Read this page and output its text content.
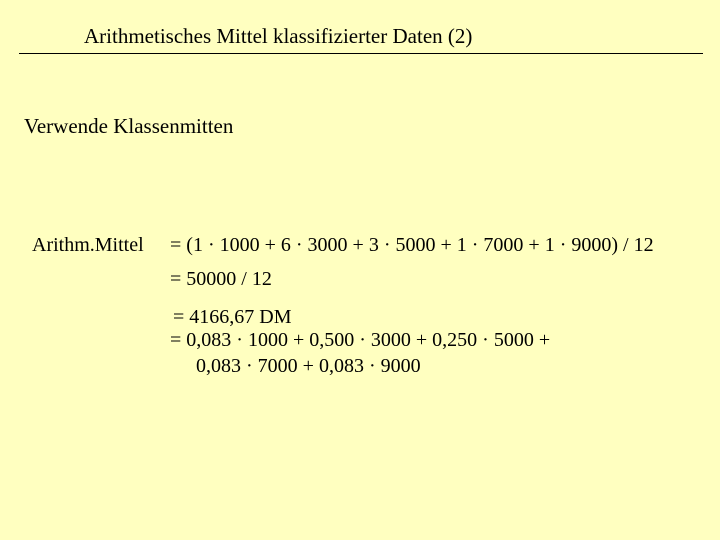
Arithmetisches Mittel klassifizierter Daten (2)
Verwende Klassenmitten
Arithm.Mittel = (1 · 1000 + 6 · 3000 + 3 · 5000 + 1 · 7000 + 1 · 9000) / 12
= 50000 / 12
= 4166,67 DM
= 0,083 · 1000 + 0,500 · 3000 + 0,250 · 5000 +
0,083 · 7000 + 0,083 · 9000
